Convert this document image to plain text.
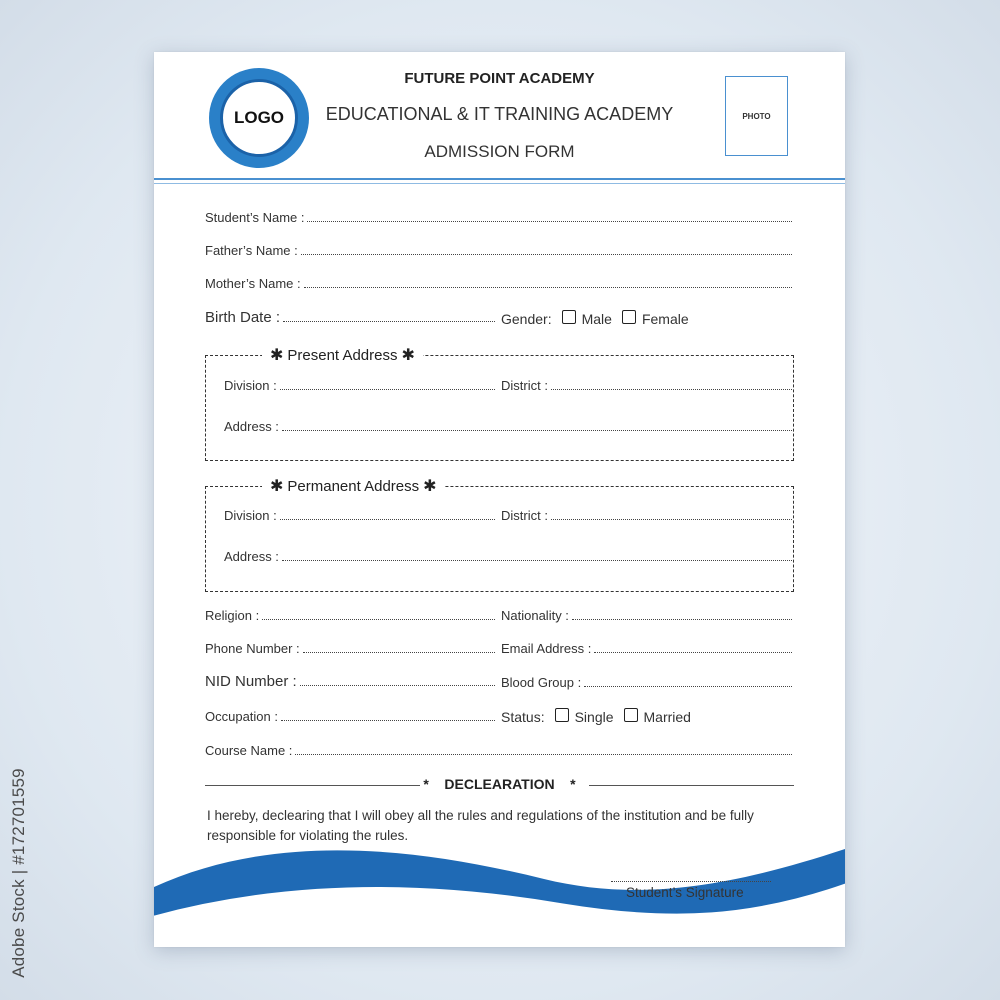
Adobe Stock | #172701559
LOGO
FUTURE POINT ACADEMY
EDUCATIONAL & IT TRAINING ACADEMY
ADMISSION FORM
PHOTO
Student’s Name :
Father’s Name :
Mother’s Name :
Birth Date :	Gender: Male Female
✱ Present Address ✱
Division :	District :
Address :
✱ Permanent Address ✱
Division :	District :
Address :
Religion :	Nationality :
Phone Number :	Email Address :
NID Number :	Blood Group :
Occupation :	Status: Single Married
Course Name :
* DECLEARATION *
I hereby, declearing that I will obey all the rules and regulations of the institution and be fully responsible for violating the rules.
Student’s Signature
